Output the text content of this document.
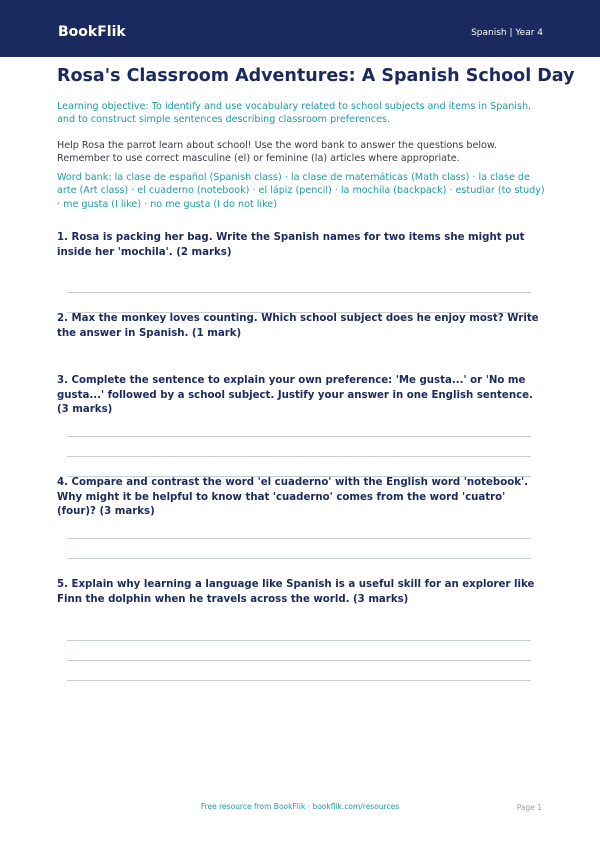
BookFlik	Spanish | Year 4
Rosa's Classroom Adventures: A Spanish School Day

Learning objective: To identify and use vocabulary related to school subjects and items in Spanish, and to construct simple sentences describing classroom preferences.

Help Rosa the parrot learn about school! Use the word bank to answer the questions below. Remember to use correct masculine (el) or feminine (la) articles where appropriate.

Word bank: la clase de español (Spanish class) · la clase de matemáticas (Math class) · la clase de arte (Art class) · el cuaderno (notebook) · el lápiz (pencil) · la mochila (backpack) · estudiar (to study) · me gusta (I like) · no me gusta (I do not like)

1. Rosa is packing her bag. Write the Spanish names for two items she might put inside her 'mochila'. (2 marks)

2. Max the monkey loves counting. Which school subject does he enjoy most? Write the answer in Spanish. (1 mark)

3. Complete the sentence to explain your own preference: 'Me gusta...' or 'No me gusta...' followed by a school subject. Justify your answer in one English sentence. (3 marks)

4. Compare and contrast the word 'el cuaderno' with the English word 'notebook'. Why might it be helpful to know that 'cuaderno' comes from the word 'cuatro' (four)? (3 marks)

5. Explain why learning a language like Spanish is a useful skill for an explorer like Finn the dolphin when he travels across the world. (3 marks)

Free resource from BookFlik · bookflik.com/resources	Page 1
